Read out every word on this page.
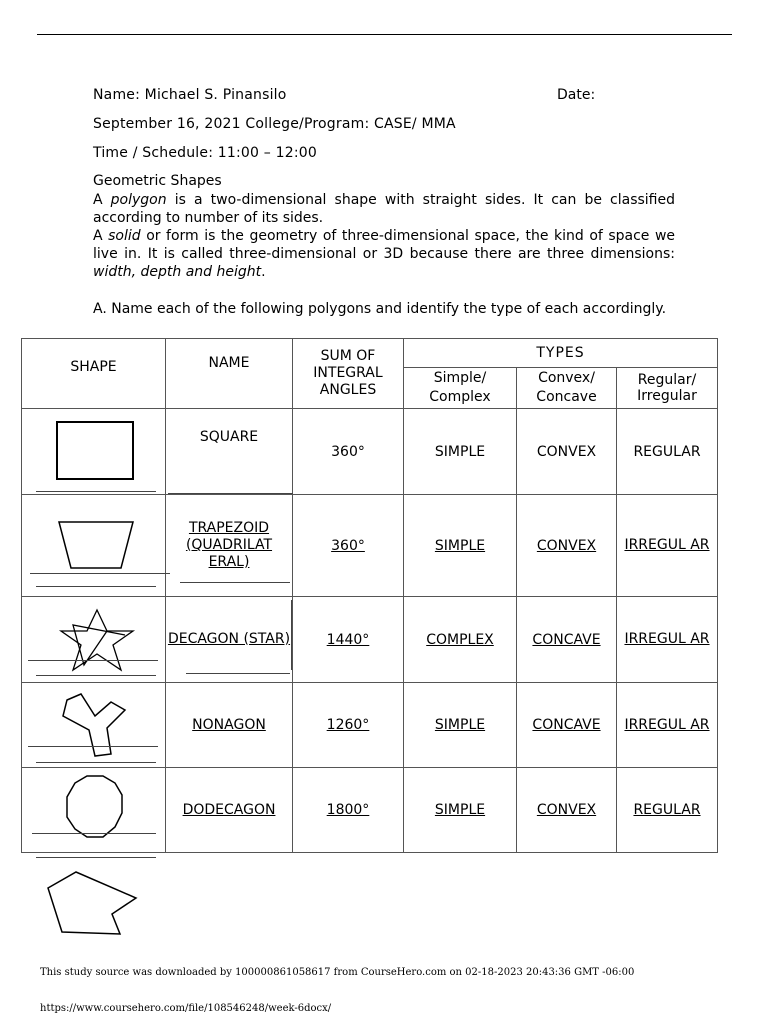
Name: Michael S. Pinansilo	Date:
September 16, 2021 College/Program: CASE/ MMA
Time / Schedule: 11:00 – 12:00
Geometric Shapes
A polygon is a two-dimensional shape with straight sides. It can be classified according to number of its sides.
A solid or form is the geometry of three-dimensional space, the kind of space we live in. It is called three-dimensional or 3D because there are three dimensions: width, depth and height.
A. Name each of the following polygons and identify the type of each accordingly.
SHAPE	NAME	SUM OF INTEGRAL ANGLES	TYPES		
			Simple/ Complex	Convex/ Concave	Regular/ Irregular

	SQUARE	360°	SIMPLE	CONVEX	REGULAR

	TRAPEZOID (QUADRILAT ERAL)	360°	SIMPLE	CONVEX	IRREGUL AR

	DECAGON (STAR)	1440°	COMPLEX	CONCAVE	IRREGUL AR

	NONAGON	1260°	SIMPLE	CONCAVE	IRREGUL AR

	DODECAGON	1800°	SIMPLE	CONVEX	REGULAR
This study source was downloaded by 100000861058617 from CourseHero.com on 02-18-2023 20:43:36 GMT -06:00
https://www.coursehero.com/file/108546248/week-6docx/
